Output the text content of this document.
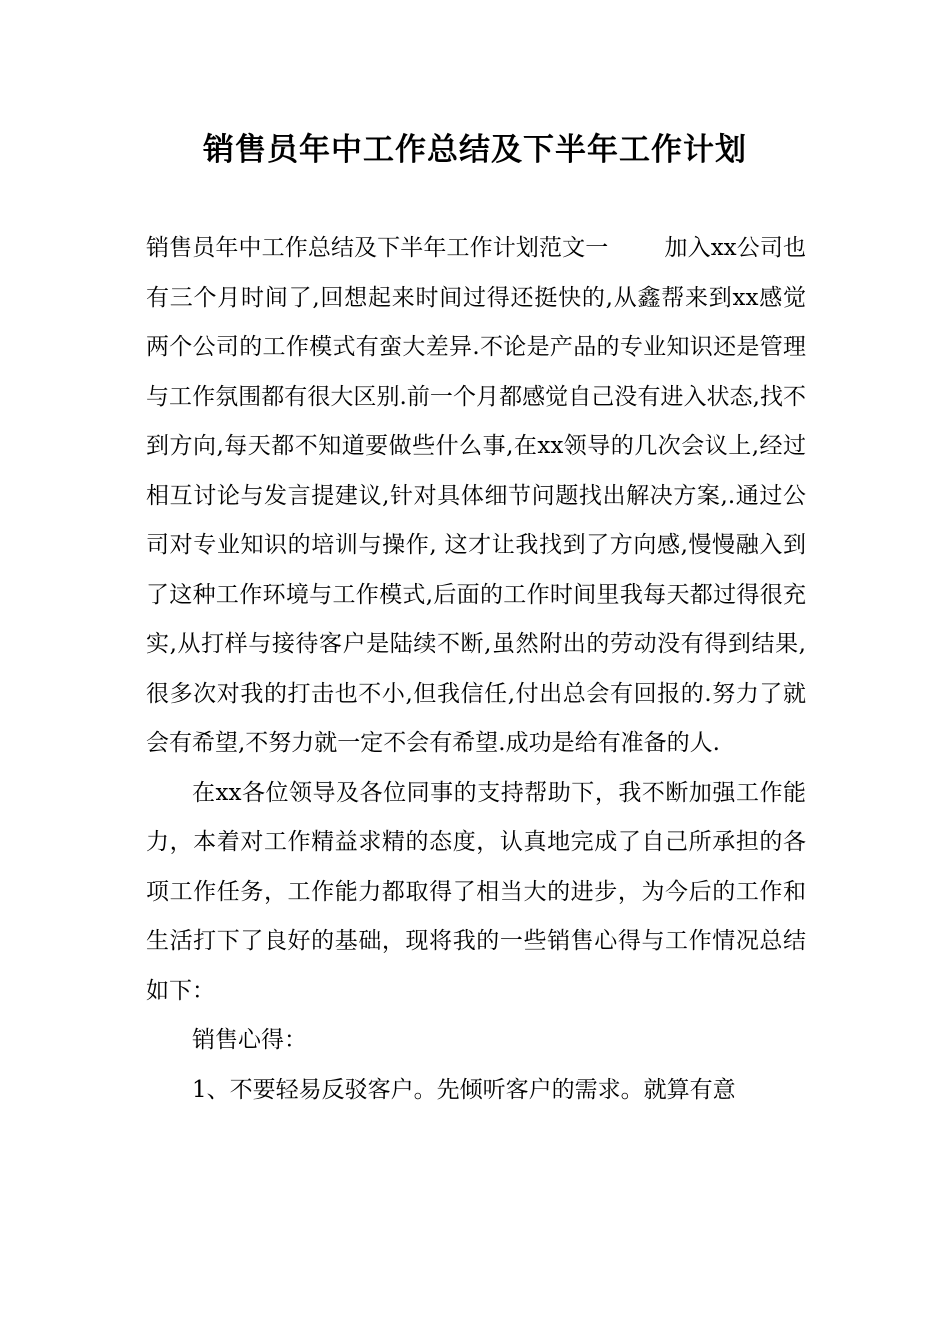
销售员年中工作总结及下半年工作计划

销售员年中工作总结及下半年工作计划范文一 加入xx公司也有三个月时间了,回想起来时间过得还挺快的,从鑫帮来到xx感觉两个公司的工作模式有蛮大差异.不论是产品的专业知识还是管理与工作氛围都有很大区别.前一个月都感觉自己没有进入状态,找不到方向,每天都不知道要做些什么事,在xx领导的几次会议上,经过相互讨论与发言提建议,针对具体细节问题找出解决方案,.通过公司对专业知识的培训与操作, 这才让我找到了方向感,慢慢融入到了这种工作环境与工作模式,后面的工作时间里我每天都过得很充实,从打样与接待客户是陆续不断,虽然附出的劳动没有得到结果,很多次对我的打击也不小,但我信任,付出总会有回报的.努力了就会有希望,不努力就一定不会有希望.成功是给有准备的人.

在xx各位领导及各位同事的支持帮助下，我不断加强工作能力，本着对工作精益求精的态度，认真地完成了自己所承担的各项工作任务，工作能力都取得了相当大的进步，为今后的工作和生活打下了良好的基础，现将我的一些销售心得与工作情况总结如下：

销售心得：

1、不要轻易反驳客户。先倾听客户的需求。就算有意
